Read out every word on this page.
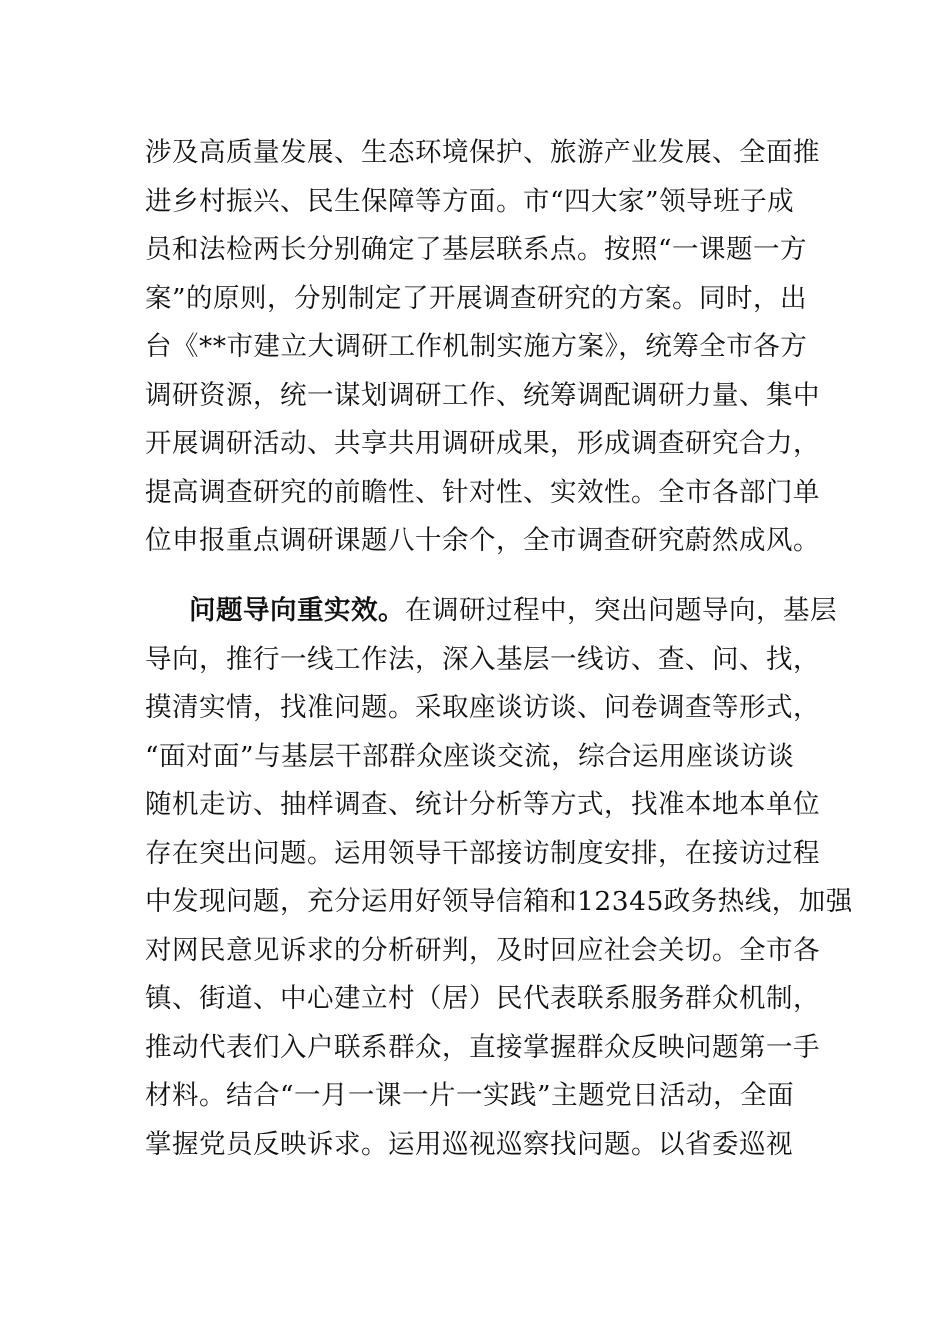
涉及高质量发展、生态环境保护、旅游产业发展、全面推
进乡村振兴、民生保障等方面。市“四大家”领导班子成
员和法检两长分别确定了基层联系点。按照“一课题一方
案”的原则，分别制定了开展调查研究的方案。同时，出
台《**市建立大调研工作机制实施方案》，统筹全市各方
调研资源，统一谋划调研工作、统筹调配调研力量、集中
开展调研活动、共享共用调研成果，形成调查研究合力，
提高调查研究的前瞻性、针对性、实效性。全市各部门单
位申报重点调研课题八十余个，全市调查研究蔚然成风。
问题导向重实效。在调研过程中，突出问题导向，基层
导向，推行一线工作法，深入基层一线访、查、问、找，
摸清实情，找准问题。采取座谈访谈、问卷调查等形式，
“面对面”与基层干部群众座谈交流，综合运用座谈访谈
随机走访、抽样调查、统计分析等方式，找准本地本单位
存在突出问题。运用领导干部接访制度安排，在接访过程
中发现问题，充分运用好领导信箱和12345政务热线，加强
对网民意见诉求的分析研判，及时回应社会关切。全市各
镇、街道、中心建立村（居）民代表联系服务群众机制，
推动代表们入户联系群众，直接掌握群众反映问题第一手
材料。结合“一月一课一片一实践”主题党日活动，全面
掌握党员反映诉求。运用巡视巡察找问题。以省委巡视
